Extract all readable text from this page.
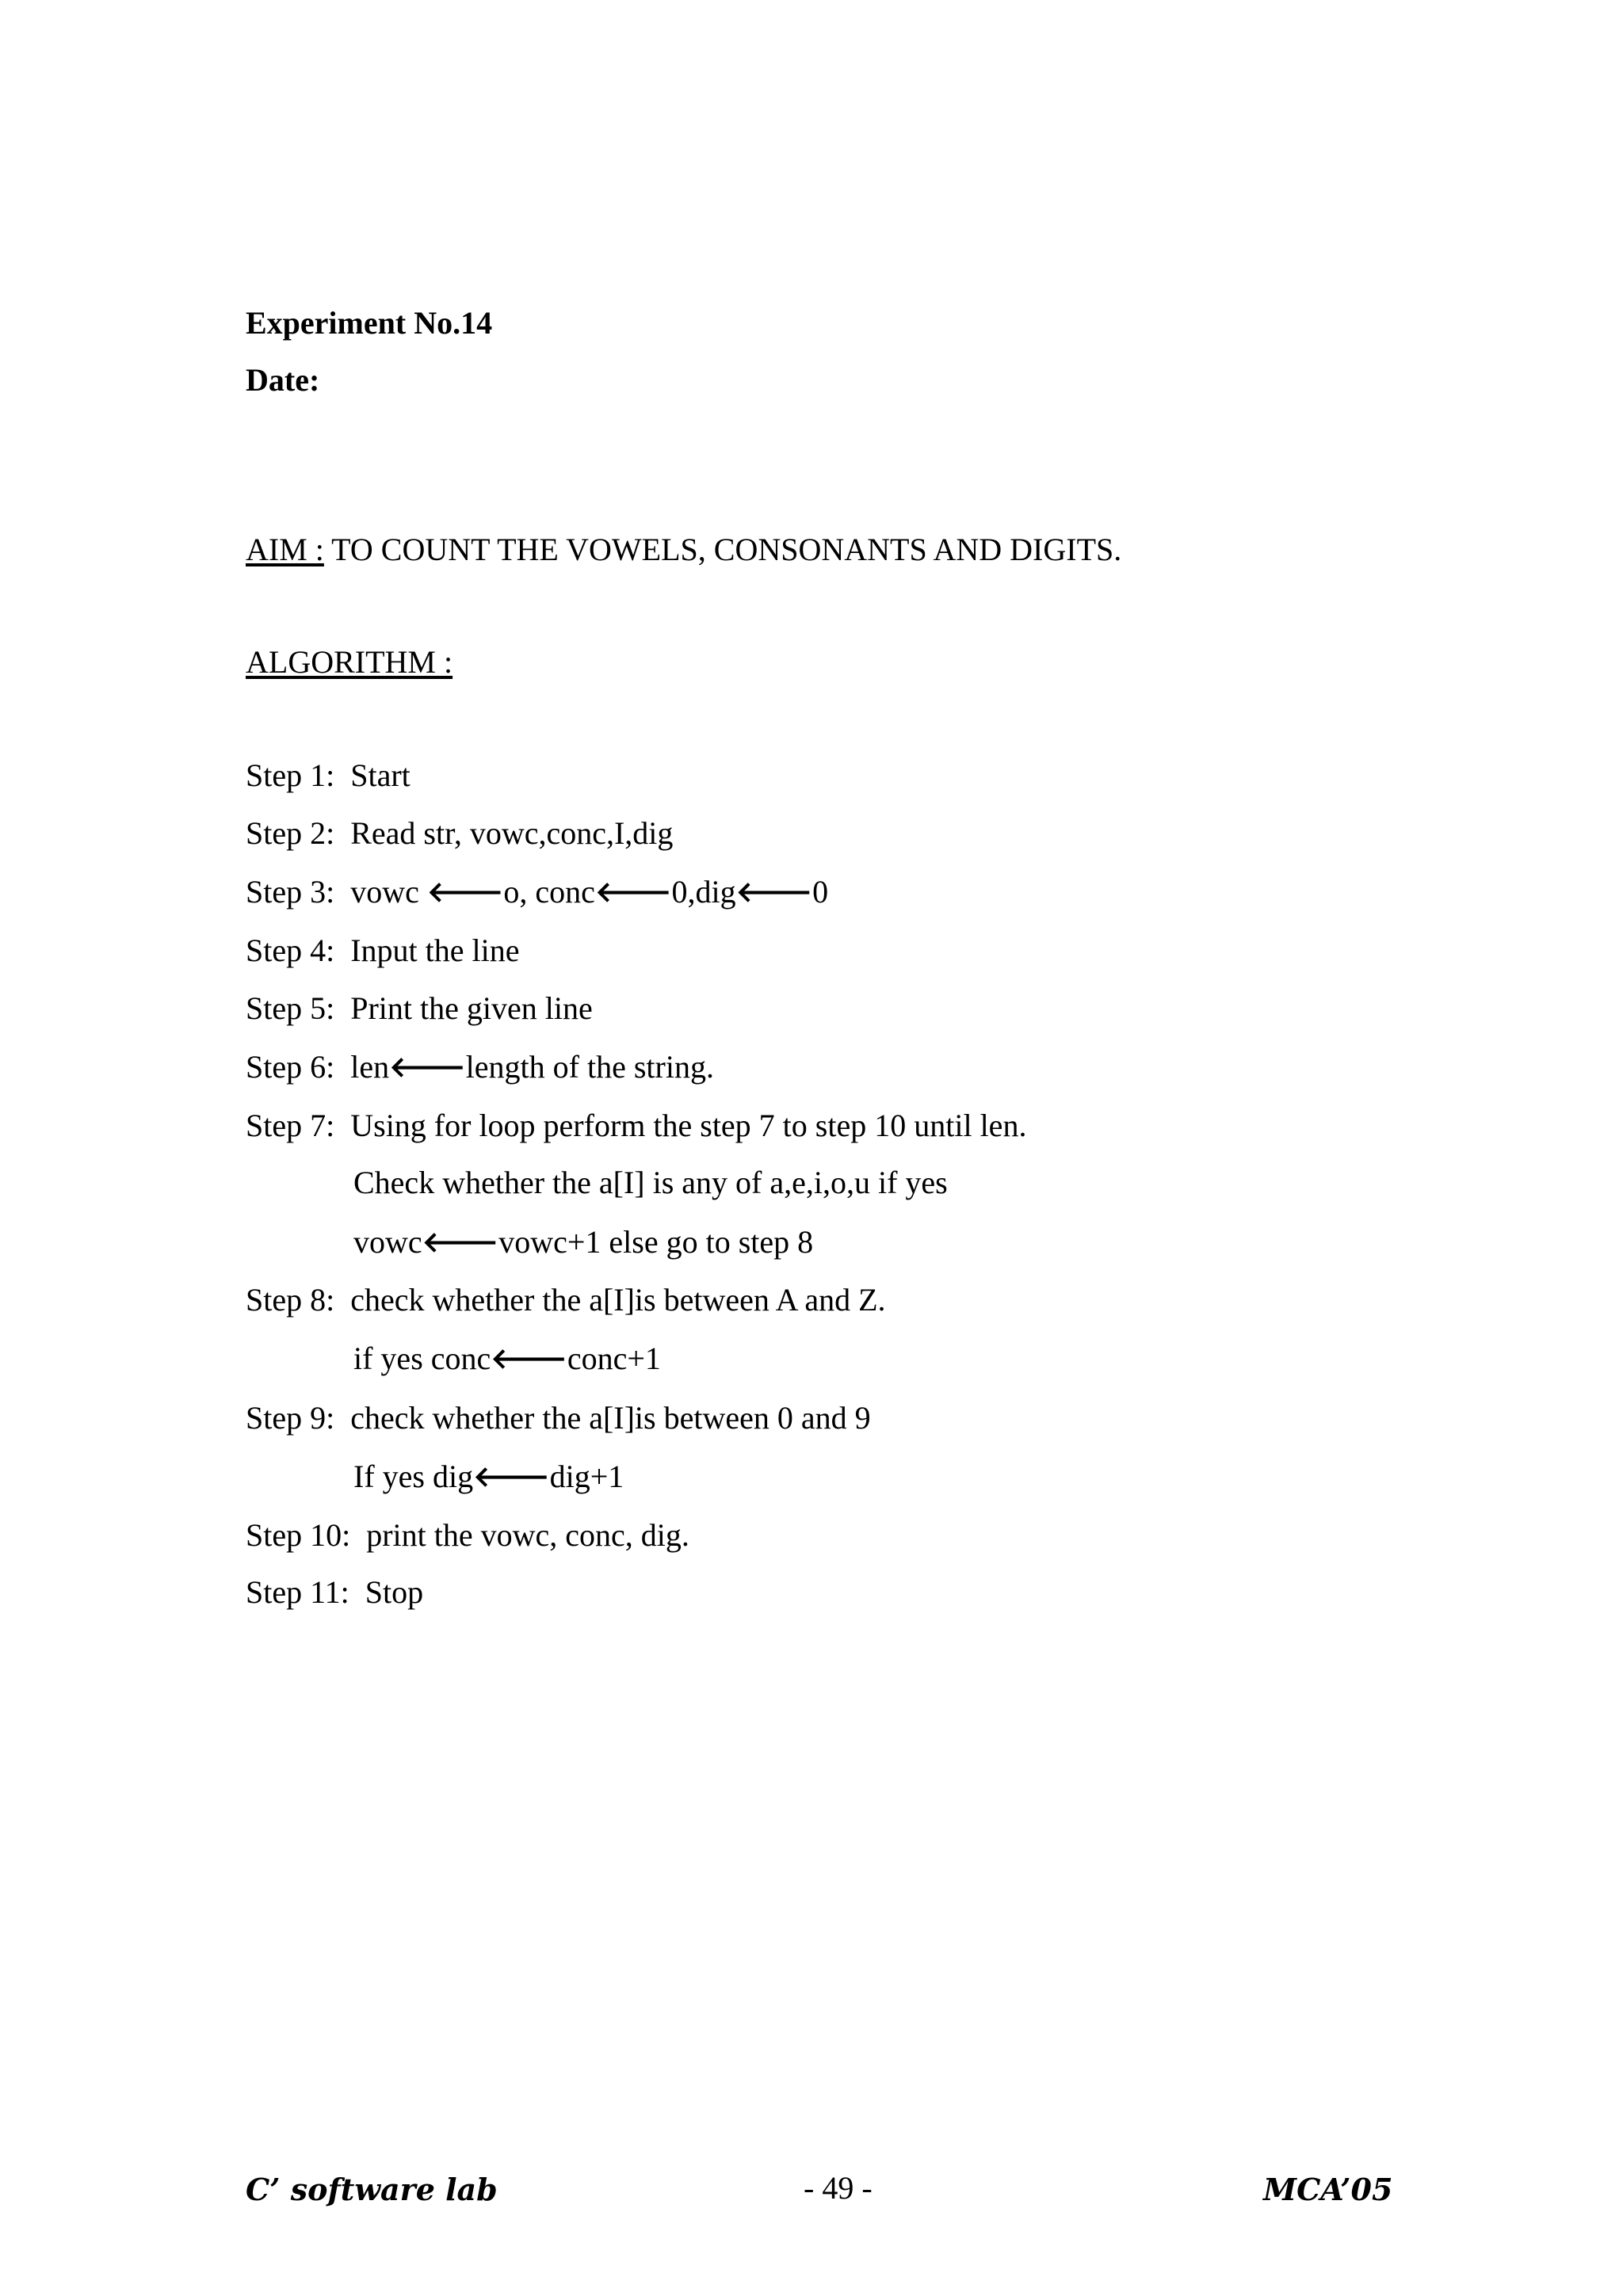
Experiment No.14
Date:
AIM : TO COUNT THE VOWELS, CONSONANTS AND DIGITS.
ALGORITHM :
Step 1: Start
Step 2: Read str, vowc,conc,I,dig
Step 3: vowc 🡐o, conc🡐0,dig🡐0
Step 4: Input the line
Step 5: Print the given line
Step 6: len🡐length of the string.
Step 7: Using for loop perform the step 7 to step 10 until len.
Check whether the a[I] is any of a,e,i,o,u if yes
vowc🡐vowc+1 else go to step 8
Step 8: check whether the a[I]is between A and Z.
if yes conc🡐conc+1
Step 9: check whether the a[I]is between 0 and 9
If yes dig🡐dig+1
Step 10: print the vowc, conc, dig.
Step 11: Stop
C’ software lab	- 49 -	MCA’05
